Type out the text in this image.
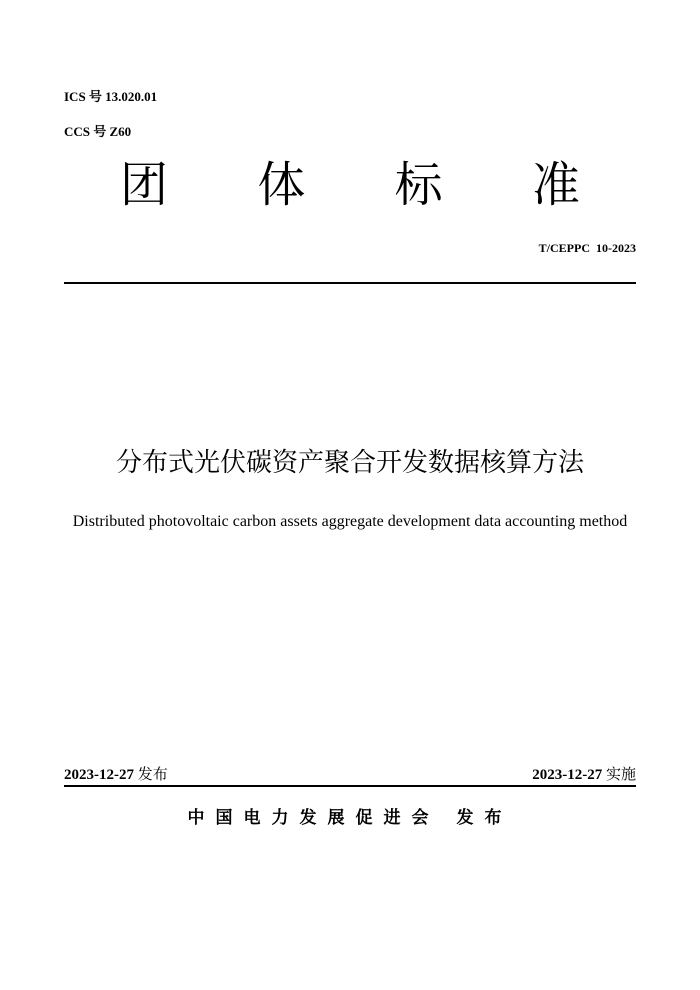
ICS 号 13.020.01
CCS 号 Z60
团 体 标 准
T/CEPPC  10-2023
分布式光伏碳资产聚合开发数据核算方法
Distributed photovoltaic carbon assets aggregate development data accounting method
2023-12-27 发布	2023-12-27 实施
中国电力发展促进会 发布
